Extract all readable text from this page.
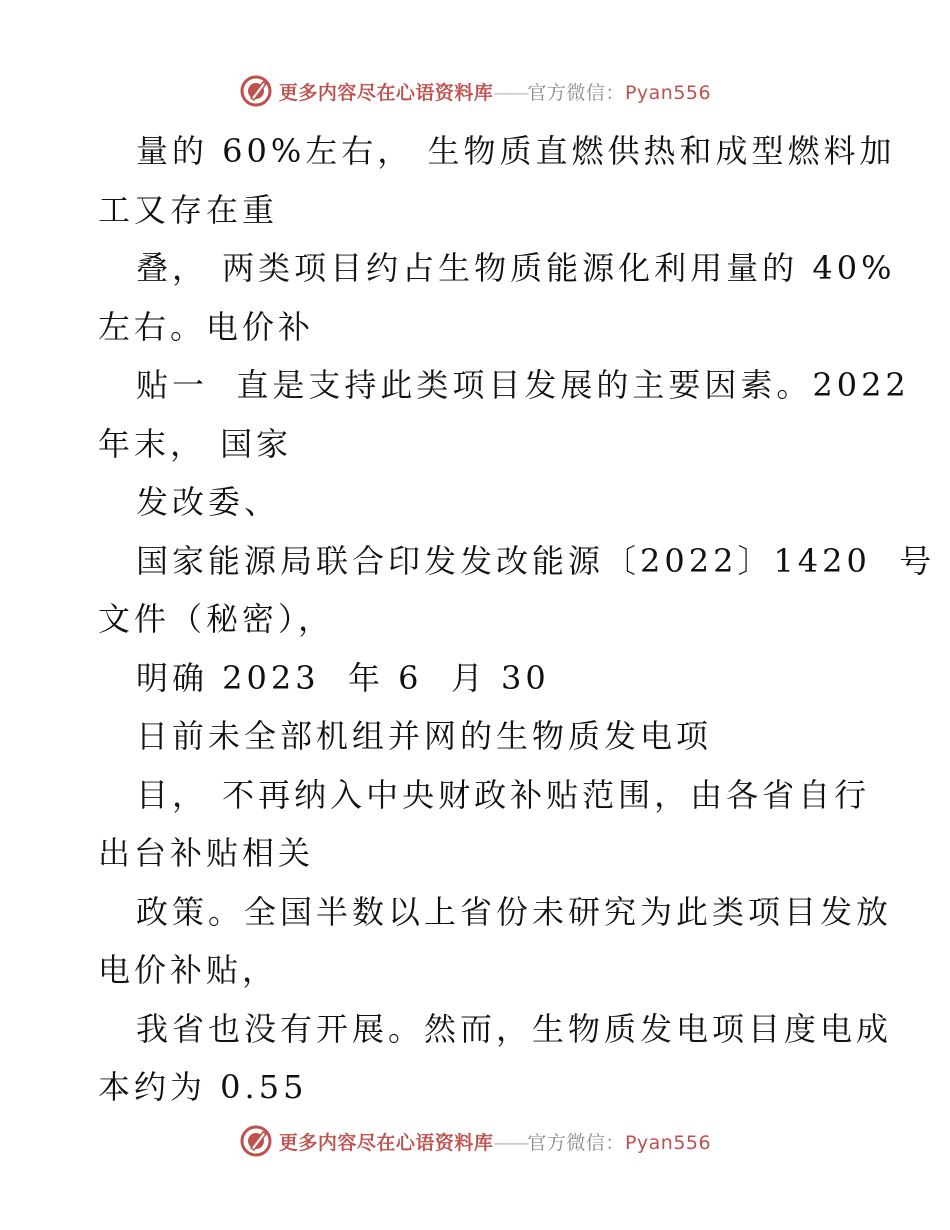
更多内容尽在心语资料库——官方微信：Pyan556
量的 60%左右， 生物质直燃供热和成型燃料加
工又存在重
叠， 两类项目约占生物质能源化利用量的 40%
左右。电价补
贴一  直是支持此类项目发展的主要因素。2022
年末， 国家
发改委、
国家能源局联合印发发改能源〔2022〕1420  号
文件（秘密），
明确 2023  年 6  月 30
日前未全部机组并网的生物质发电项
目， 不再纳入中央财政补贴范围，由各省自行
出台补贴相关
政策。全国半数以上省份未研究为此类项目发放
电价补贴，
我省也没有开展。然而，生物质发电项目度电成
本约为 0.55
更多内容尽在心语资料库——官方微信：Pyan556
